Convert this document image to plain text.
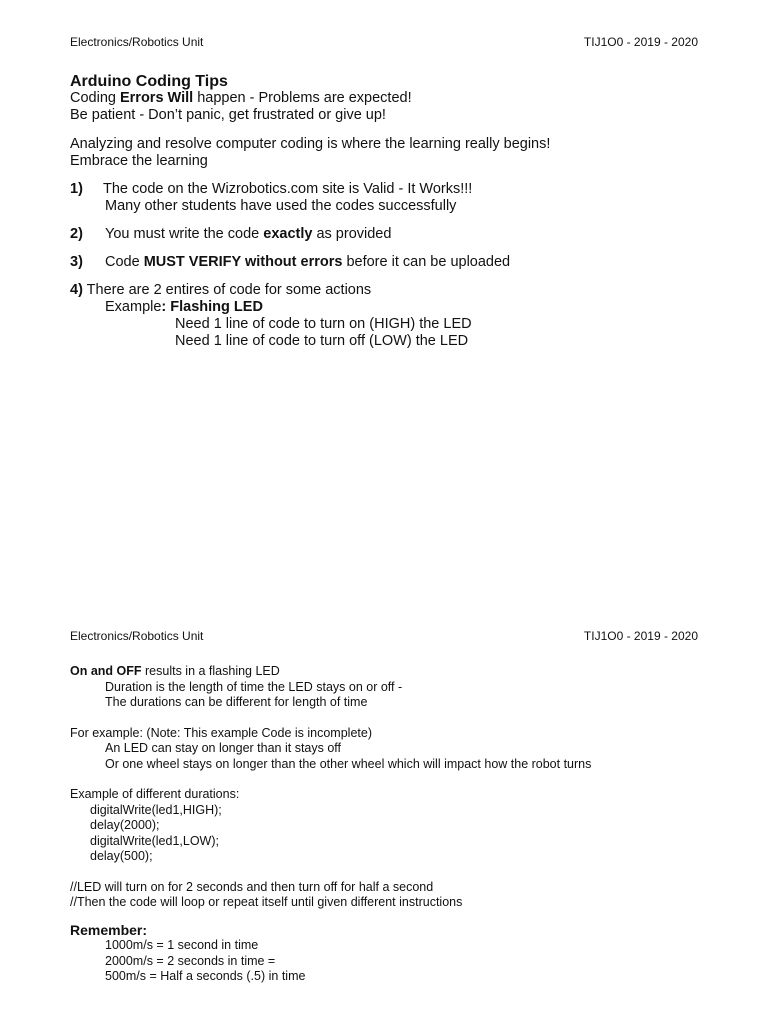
Electronics/Robotics Unit	TIJ1O0 - 2019 - 2020
Arduino Coding Tips
Coding Errors Will happen - Problems are expected!
Be patient - Don’t panic, get frustrated or give up!
Analyzing and resolve computer coding is where the learning really begins!
Embrace the learning
1) The code on the Wizrobotics.com site is Valid - It Works!!!
Many other students have used the codes successfully
2) You must write the code exactly as provided
3) Code MUST VERIFY without errors before it can be uploaded
4) There are 2 entires of code for some actions
Example: Flashing LED
Need 1 line of code to turn on (HIGH) the LED
Need 1 line of code to turn off (LOW) the LED
Electronics/Robotics Unit	TIJ1O0 - 2019 - 2020
On and OFF results in a flashing LED
Duration is the length of time the LED stays on or off -
The durations can be different for length of time
For example: (Note: This example Code is incomplete)
An LED can stay on longer than it stays off
Or one wheel stays on longer than the other wheel which will impact how the robot turns
Example of different durations:
digitalWrite(led1,HIGH);
delay(2000);
digitalWrite(led1,LOW);
delay(500);
//LED will turn on for 2 seconds and then turn off for half a second
//Then the code will loop or repeat itself until given different instructions
Remember:
1000m/s = 1 second in time
2000m/s = 2 seconds in time =
500m/s = Half a seconds (.5) in time
